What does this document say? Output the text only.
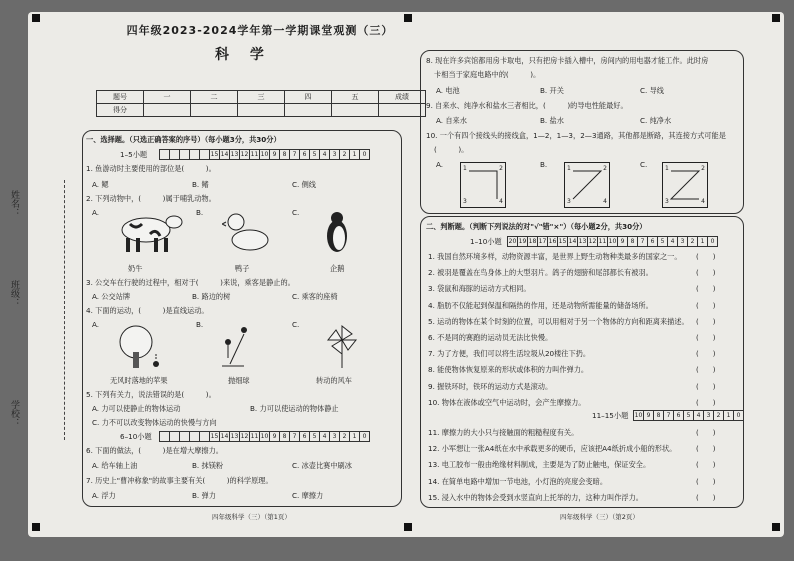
姓名：
班级：
学校：
四年级2023-2024学年第一学期课堂观测（三）
科 学
题号	一	二	三	四	五	成绩
得分						
一、选择题。（只选正确答案的序号）（每小题3分，共30分）
1–5小题	15 14 13 12 11 10 9	8	7	6	5	4	3	2	1	0
1. 鱼游动时主要使用的部位是(　　　)。
A. 鳃	B. 鳍	C. 侧线
2. 下列动物中，(　　　)属于哺乳动物。
A.	B.	C.
奶牛	鸭子	企鹅
3. 公交车在行驶的过程中，相对于(　　　)来说，乘客是静止的。
A. 公交站牌	B. 路边的树	C. 乘客的座椅
4. 下面的运动，(　　　)是直线运动。
A.	B.	C.
无风时落地的苹果	抛细球	转动的风车
5. 下列有关力，说法错误的是(　　　)。
A. 力可以使静止的物体运动	B. 力可以使运动的物体静止
C. 力不可以改变物体运动的快慢与方向
6–10小题	15 14 13 12 11 10 9	8	7	6	5	4	3	2	1	0
6. 下面的做法，(　　　)是在增大摩擦力。
A. 给车轴上油	B. 抹镁粉	C. 冰壶比赛中刷冰
7. 历史上"曹冲称象"的故事主要有关(　　　)的科学原理。
A. 浮力	B. 弹力	C. 摩擦力
四年级科学（三）（第1页）
8. 现在许多宾馆都用房卡取电，只有把房卡插入槽中，房间内的用电器才能工作。此时房
卡相当于家庭电路中的(　　　)。
A. 电池	B. 开关	C. 导线
9. 自来水、纯净水和盐水三者相比，(　　　)的导电性能最好。
A. 自来水	B. 盐水	C. 纯净水
10. 一个有四个接线头的接线盒，1—2，1—3，2—3通路，其他都是断路，其连接方式可能是
(　　　)。
A.	B.	C.
1	2
3	4
1	2
3	4
1	2
3	4
二、判断题。（判断下列说法的对"√"错"×"）（每小题2分，共30分）
1–10小题 20 19 18 17 16 15 14 13 12 11 10 9	8	7	6	5	4	3	2	1	0
1. 我国自然环境多样，动物资源丰富，是世界上野生动物种类最多的国家之一。 (　　)
2. 被羽是覆盖在鸟身体上的大型羽片。鸽子的翅膀和尾部都长有被羽。	(　　)
3. 袋鼠和海豚的运动方式相同。	(　　)
4. 脂肪不仅能起到保温和隔热的作用，还是动物所需能量的储备场所。	(　　)
5. 运动的物体在某个时刻的位置，可以用相对于另一个物体的方向和距离来描述。 (　　)
6. 不是同的赛跑的运动员无法比快慢。	(　　)
7. 为了方便，我们可以将生活垃圾从20楼往下扔。	(　　)
8. 能使物体恢复原来的形状或体积的力叫作弹力。	(　　)
9. 握铁环时，铁环的运动方式是滚动。	(　　)
10. 物体在液体或空气中运动时，会产生摩擦力。	(　　)
11. 摩擦力的大小只与接触面的粗糙程度有关。	(　　)
12. 小军想让一张A4纸在水中承载更多的硬币，应该把A4纸折成小船的形状。	(　　)
13. 电工胶布一般由绝缘材料制成，主要是为了防止触电，保证安全。	(　　)
14. 在简单电路中增加一节电池，小灯泡的亮度会变暗。	(　　)
15. 浸入水中的物体会受到水竖直向上托举的力，这种力叫作浮力。	(　　)
11–15小题 10 9	8	7	6	5	4	3	2	1	0
四年级科学（三）（第2页）
